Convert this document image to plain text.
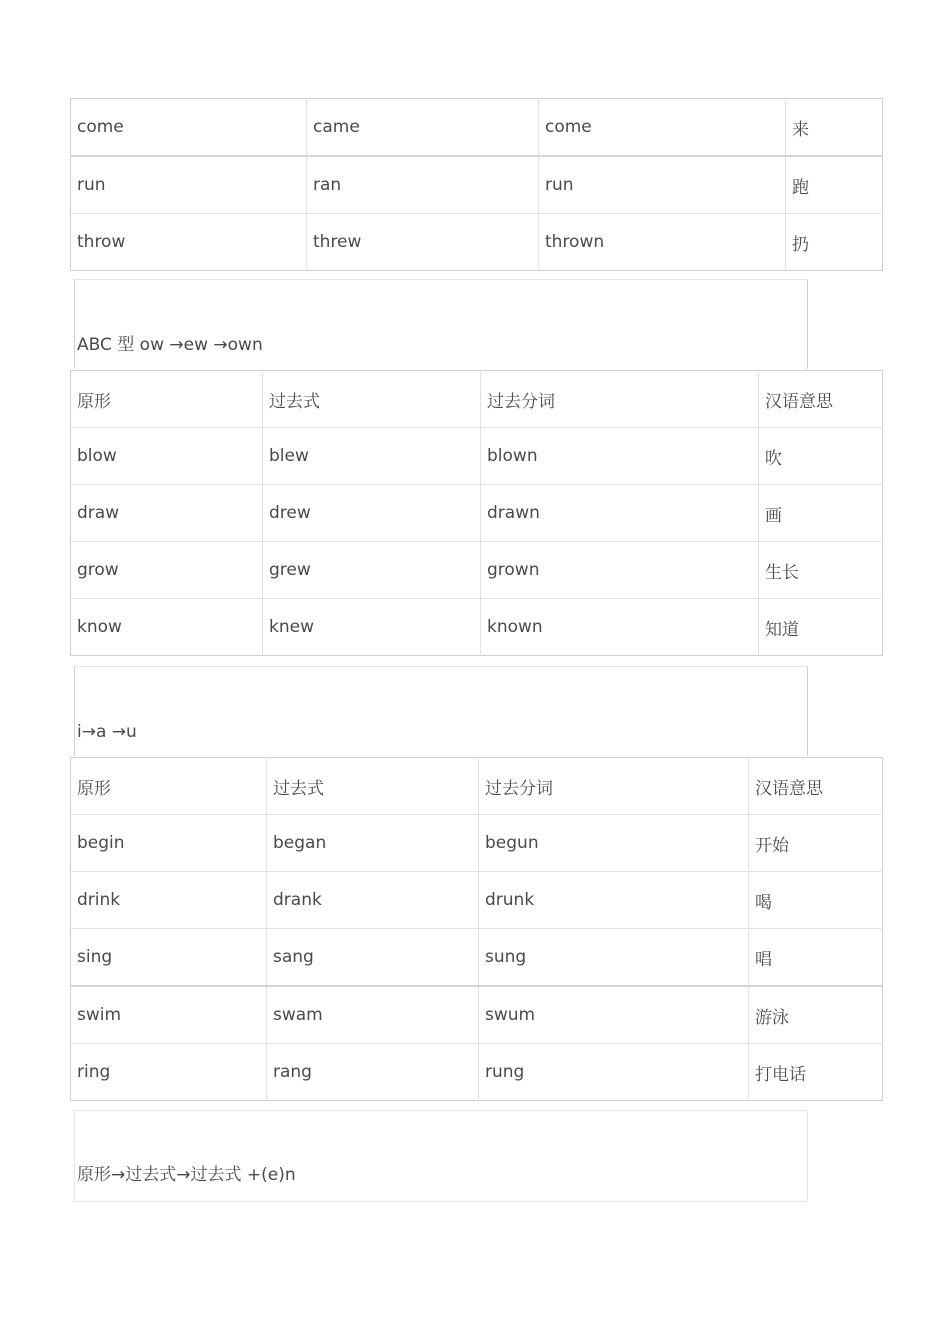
come	came	come	来
run	ran	run	跑
throw	threw	thrown	扔
ABC 型 ow →ew →own
原形	过去式	过去分词	汉语意思
blow	blew	blown	吹
draw	drew	drawn	画
grow	grew	grown	生长
know	knew	known	知道
i→a →u
原形	过去式	过去分词	汉语意思
begin	began	begun	开始
drink	drank	drunk	喝
sing	sang	sung	唱
swim	swam	swum	游泳
ring	rang	rung	打电话
原形→过去式→过去式 +(e)n
